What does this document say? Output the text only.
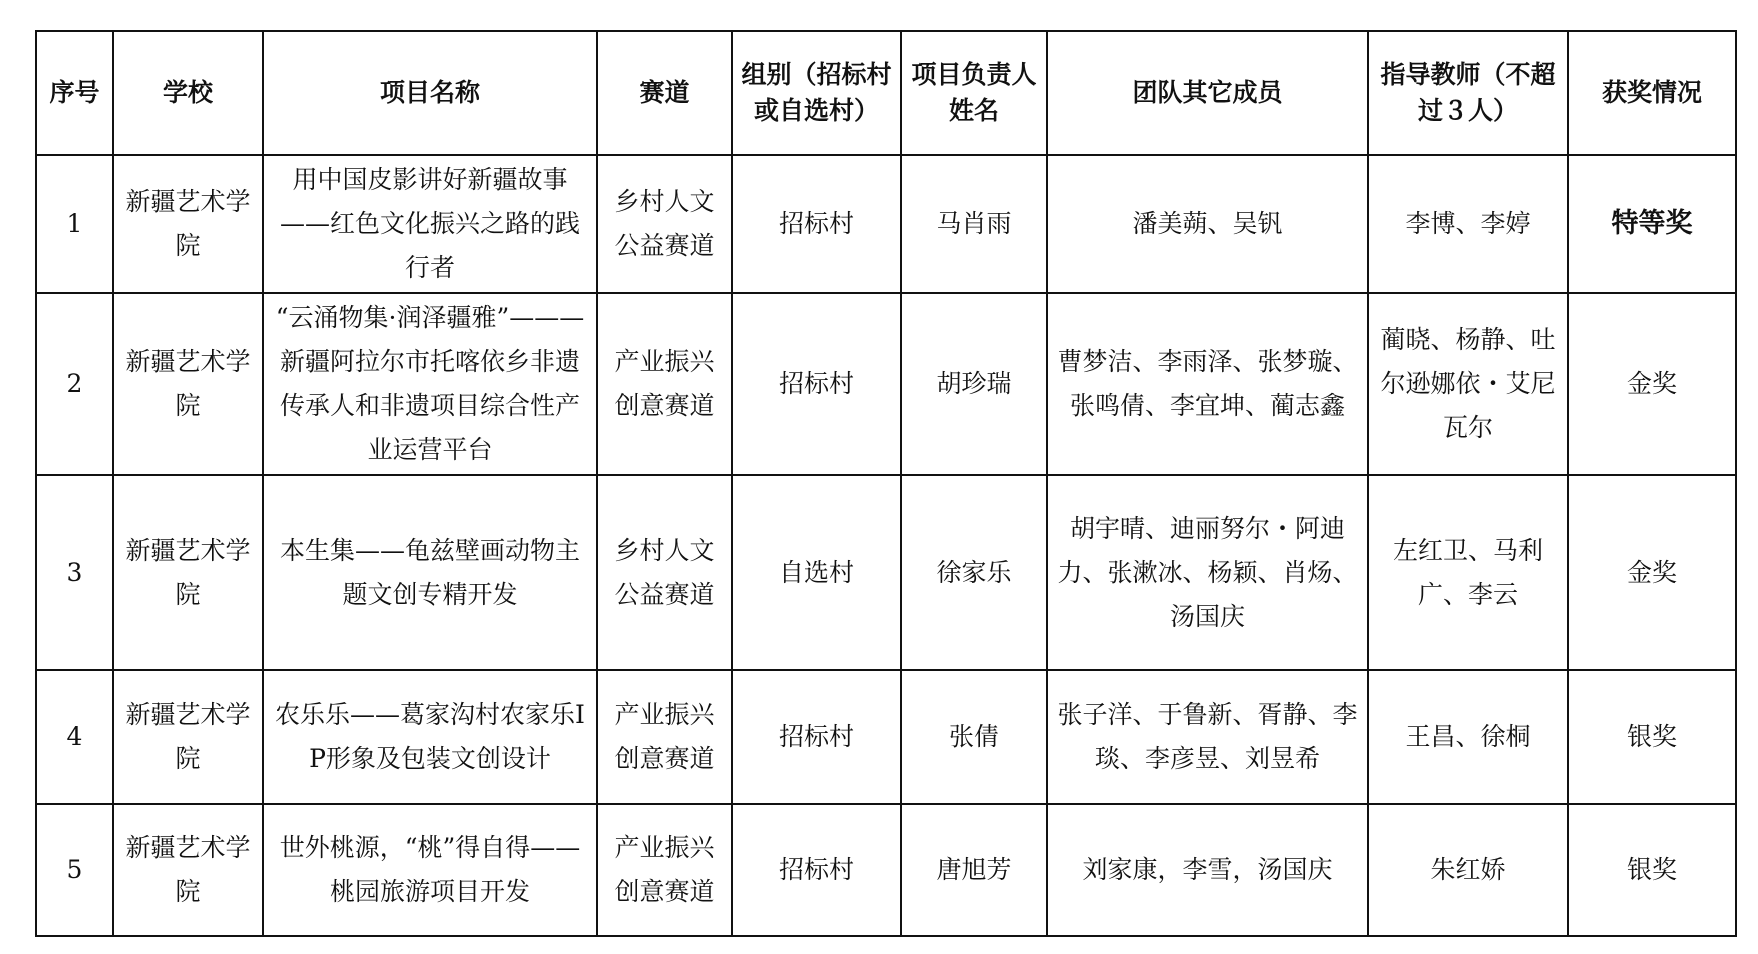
序号	学校	项目名称	赛道	组别（招标村或自选村）	项目负责人姓名	团队其它成员	指导教师（不超过３人）	获奖情况
1	新疆艺术学院	用中国皮影讲好新疆故事——红色文化振兴之路的践行者	乡村人文公益赛道	招标村	马肖雨	潘美蒴、吴钒	李博、李婷	特等奖
2	新疆艺术学院	“云涌物集·润泽疆雅”———新疆阿拉尔市托喀依乡非遗传承人和非遗项目综合性产业运营平台	产业振兴创意赛道	招标村	胡珍瑞	曹梦洁、李雨泽、张梦璇、张鸣倩、李宜坤、蔺志鑫	蔺晓、杨静、吐尔逊娜依・艾尼瓦尔	金奖
3	新疆艺术学院	本生集——龟兹壁画动物主题文创专精开发	乡村人文公益赛道	自选村	徐家乐	胡宇晴、迪丽努尔・阿迪力、张漱冰、杨颖、肖炀、汤国庆	左红卫、马利广、李云	金奖
4	新疆艺术学院	农乐乐——葛家沟村农家乐IP形象及包装文创设计	产业振兴创意赛道	招标村	张倩	张子洋、于鲁新、胥静、李琰、李彦昱、刘昱希	王昌、徐桐	银奖
5	新疆艺术学院	世外桃源，“桃”得自得——桃园旅游项目开发	产业振兴创意赛道	招标村	唐旭芳	刘家康，李雪，汤国庆	朱红娇	银奖
